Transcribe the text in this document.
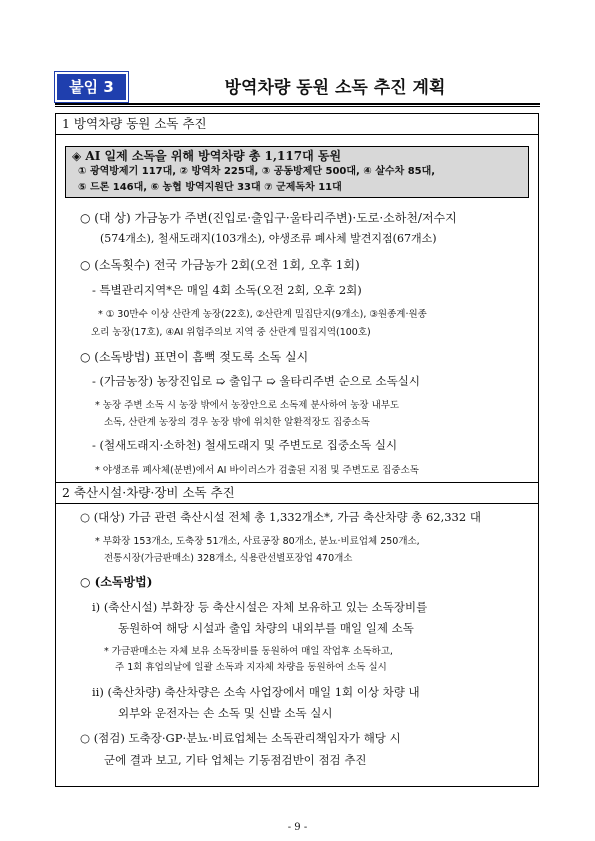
붙임 3	방역차량 동원 소독 추진 계획
1 방역차량 동원 소독 추진
◈ AI 일제 소독을 위해 방역차량 총 1,117대 동원
① 광역방제기 117대, ② 방역차 225대, ③ 공동방제단 500대, ④ 살수차 85대,
⑤ 드론 146대, ⑥ 농협 방역지원단 33대 ⑦ 군제독차 11대
○ (대 상) 가금농가 주변(진입로·출입구·울타리주변)·도로·소하천/저수지
(574개소), 철새도래지(103개소), 야생조류 폐사체 발견지점(67개소)
○ (소독횟수) 전국 가금농가 2회(오전 1회, 오후 1회)
- 특별관리지역*은 매일 4회 소독(오전 2회, 오후 2회)
* ① 30만수 이상 산란계 농장(22호), ②산란계 밀집단지(9개소), ③원종계·원종
오리 농장(17호), ④AI 위험주의보 지역 중 산란계 밀집지역(100호)
○ (소독방법) 표면이 흠뻑 젖도록 소독 실시
- (가금농장) 농장진입로 ➯ 출입구 ➯ 울타리주변 순으로 소독실시
* 농장 주변 소독 시 농장 밖에서 농장안으로 소독제 분사하여 농장 내부도
소독, 산란계 농장의 경우 농장 밖에 위치한 알환적장도 집중소독
- (철새도래지·소하천) 철새도래지 및 주변도로 집중소독 실시
* 야생조류 폐사체(분변)에서 AI 바이러스가 검출된 지점 및 주변도로 집중소독
2 축산시설·차량·장비 소독 추진
○ (대상) 가금 관련 축산시설 전체 총 1,332개소*, 가금 축산차량 총 62,332 대
* 부화장 153개소, 도축장 51개소, 사료공장 80개소, 분뇨·비료업체 250개소,
전통시장(가금판매소) 328개소, 식용란선별포장업 470개소
○ (소독방법)
ⅰ) (축산시설) 부화장 등 축산시설은 자체 보유하고 있는 소독장비를
동원하여 해당 시설과 출입 차량의 내외부를 매일 일제 소독
* 가금판매소는 자체 보유 소독장비를 동원하여 매일 작업후 소독하고,
주 1회 휴업의날에 일괄 소독과 지자체 차량을 동원하여 소독 실시
ⅱ) (축산차량) 축산차량은 소속 사업장에서 매일 1회 이상 차량 내
외부와 운전자는 손 소독 및 신발 소독 실시
○ (점검) 도축장·GP·분뇨·비료업체는 소독관리책임자가 해당 시
군에 결과 보고, 기타 업체는 기동점검반이 점검 추진
- 9 -
